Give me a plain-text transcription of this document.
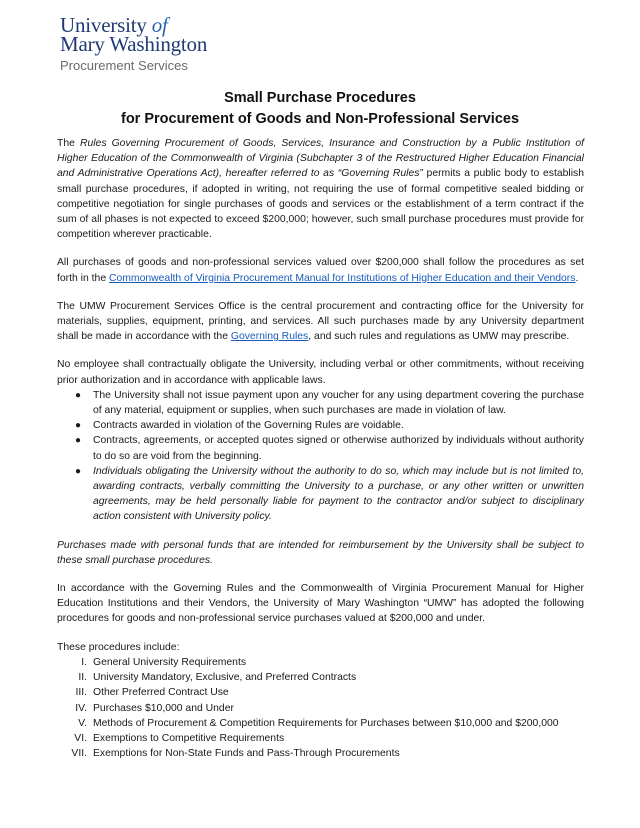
University of
Mary Washington
Procurement Services
Small Purchase Procedures
for Procurement of Goods and Non-Professional Services

The Rules Governing Procurement of Goods, Services, Insurance and Construction by a Public Institution of Higher Education of the Commonwealth of Virginia (Subchapter 3 of the Restructured Higher Education Financial and Administrative Operations Act), hereafter referred to as “Governing Rules” permits a public body to establish small purchase procedures, if adopted in writing, not requiring the use of formal competitive sealed bidding or competitive negotiation for single purchases of goods and services or the establishment of a term contract if the sum of all phases is not expected to exceed $200,000; however, such small purchase procedures must provide for competition wherever practicable.

All purchases of goods and non-professional services valued over $200,000 shall follow the procedures as set forth in the Commonwealth of Virginia Procurement Manual for Institutions of Higher Education and their Vendors.

The UMW Procurement Services Office is the central procurement and contracting office for the University for materials, supplies, equipment, printing, and services. All such purchases made by any University department shall be made in accordance with the Governing Rules, and such rules and regulations as UMW may prescribe.

No employee shall contractually obligate the University, including verbal or other commitments, without receiving prior authorization and in accordance with applicable laws.

● The University shall not issue payment upon any voucher for any using department covering the purchase of any material, equipment or supplies, when such purchases are made in violation of law.
● Contracts awarded in violation of the Governing Rules are voidable.
● Contracts, agreements, or accepted quotes signed or otherwise authorized by individuals without authority to do so are void from the beginning.
● Individuals obligating the University without the authority to do so, which may include but is not limited to, awarding contracts, verbally committing the University to a purchase, or any other written or unwritten agreements, may be held personally liable for payment to the contractor and/or subject to disciplinary action consistent with University policy.

Purchases made with personal funds that are intended for reimbursement by the University shall be subject to these small purchase procedures.

In accordance with the Governing Rules and the Commonwealth of Virginia Procurement Manual for Higher Education Institutions and their Vendors, the University of Mary Washington “UMW” has adopted the following procedures for goods and non-professional service purchases valued at $200,000 and under.

These procedures include:
I. General University Requirements
II. University Mandatory, Exclusive, and Preferred Contracts
III. Other Preferred Contract Use
IV. Purchases $10,000 and Under
V. Methods of Procurement & Competition Requirements for Purchases between $10,000 and $200,000
VI. Exemptions to Competitive Requirements
VII. Exemptions for Non-State Funds and Pass-Through Procurements
